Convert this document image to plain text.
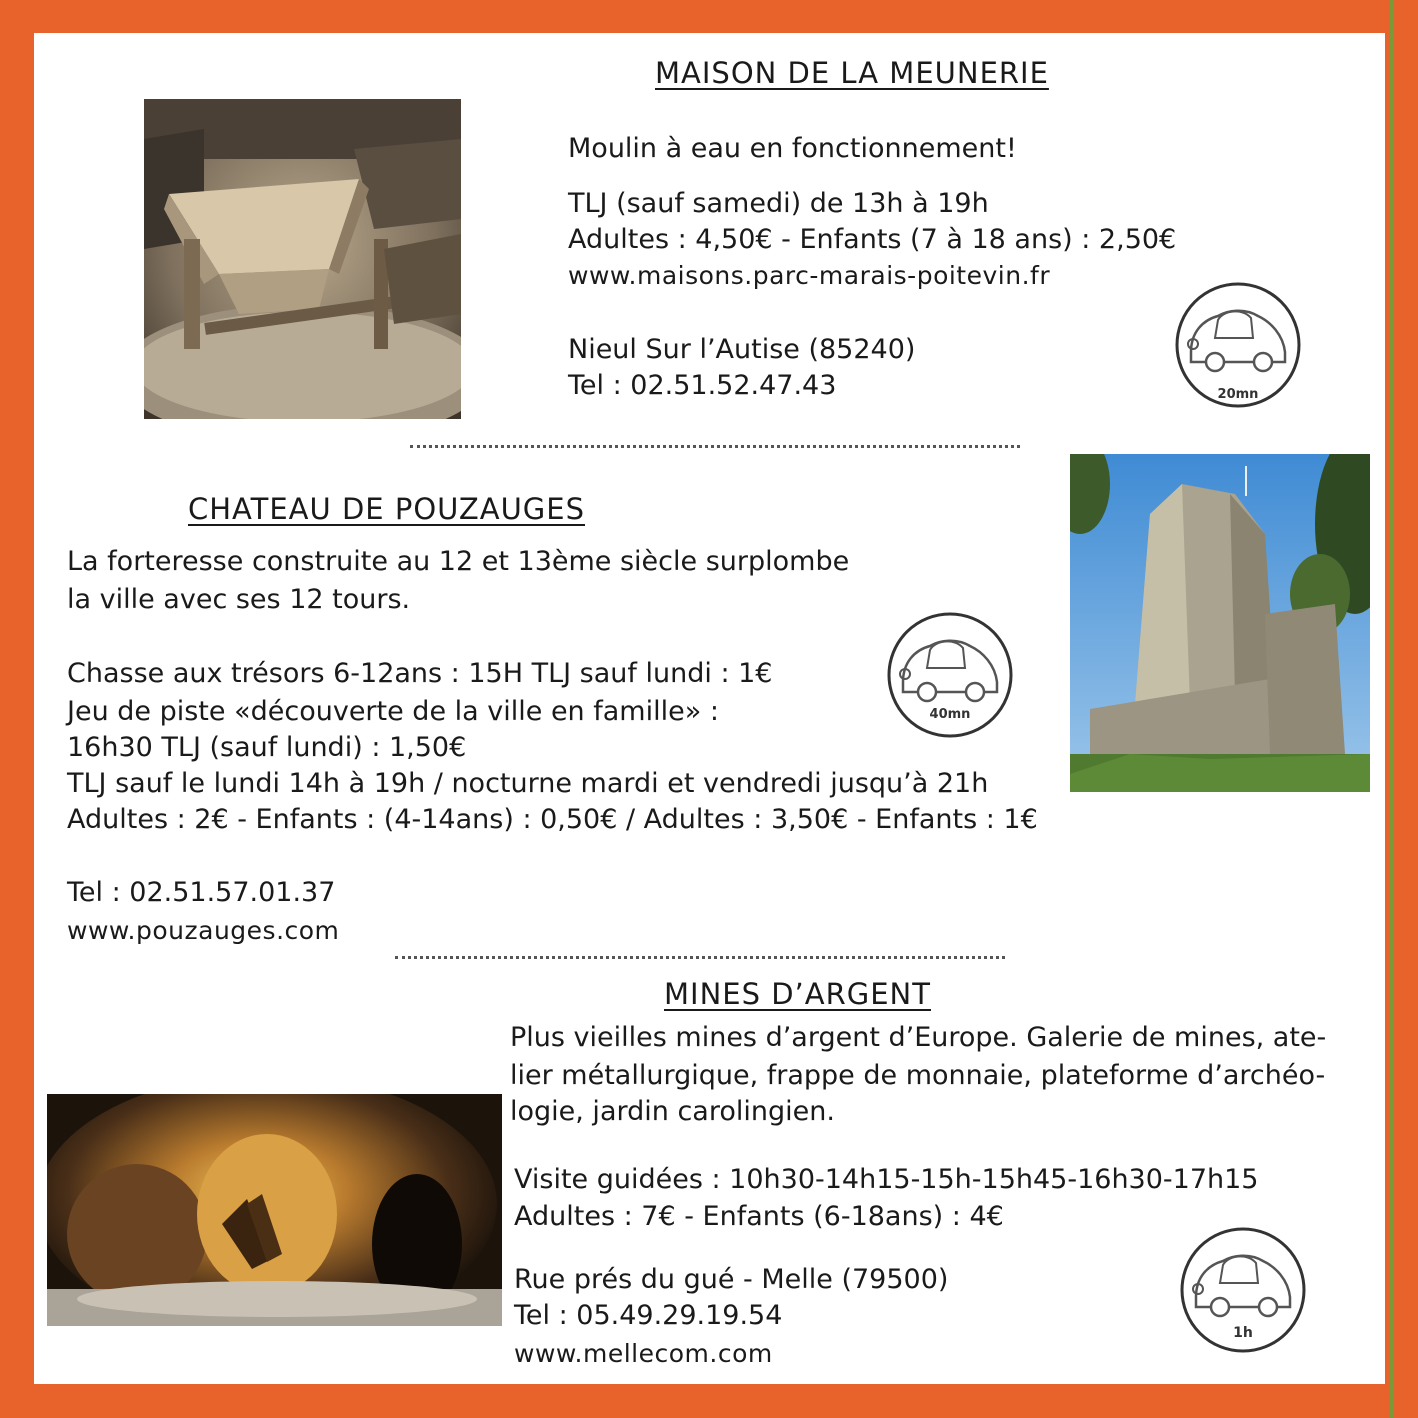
MAISON DE LA MEUNERIE
Moulin à eau en fonctionnement!
TLJ (sauf samedi) de 13h à 19h
Adultes : 4,50€ - Enfants (7 à 18 ans) : 2,50€
www.maisons.parc-marais-poitevin.fr
Nieul Sur l’Autise (85240)
Tel : 02.51.52.47.43	20mn
CHATEAU DE POUZAUGES
La forteresse construite au 12 et 13ème siècle surplombe
la ville avec ses 12 tours.
Chasse aux trésors 6-12ans : 15H TLJ sauf lundi : 1€
Jeu de piste «découverte de la ville en famille» :
16h30 TLJ (sauf lundi) : 1,50€
TLJ sauf le lundi 14h à 19h / nocturne mardi et vendredi jusqu’à 21h
Adultes : 2€ - Enfants : (4-14ans) : 0,50€ / Adultes : 3,50€ - Enfants : 1€
Tel : 02.51.57.01.37
www.pouzauges.com
40mn
MINES D’ARGENT
Plus vieilles mines d’argent d’Europe. Galerie de mines, ate-
lier métallurgique, frappe de monnaie, plateforme d’archéo-
logie, jardin carolingien.
Visite guidées : 10h30-14h15-15h-15h45-16h30-17h15
Adultes : 7€ - Enfants (6-18ans) : 4€
Rue prés du gué - Melle (79500)
Tel : 05.49.29.19.54
www.mellecom.com
1h
